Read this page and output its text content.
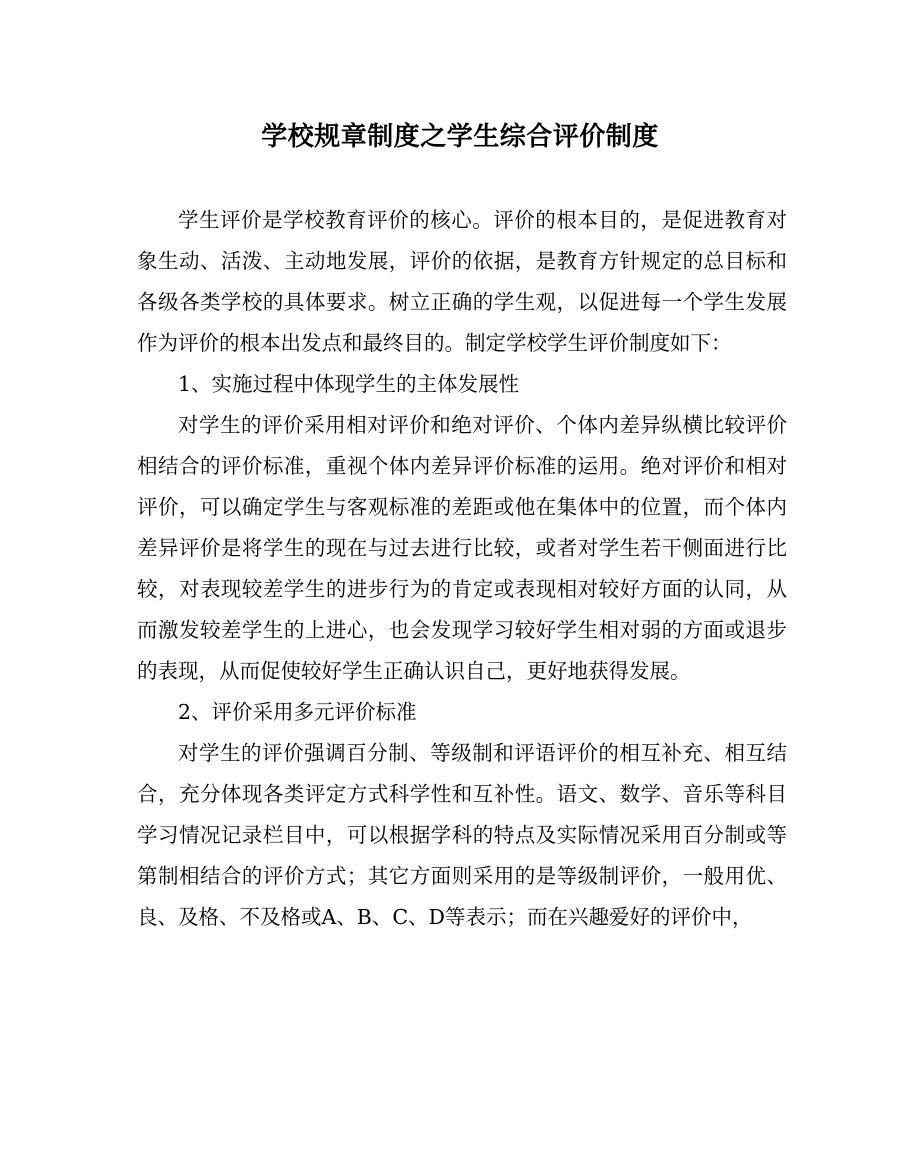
学校规章制度之学生综合评价制度

学生评价是学校教育评价的核心。评价的根本目的，是促进教育对象生动、活泼、主动地发展，评价的依据，是教育方针规定的总目标和各级各类学校的具体要求。树立正确的学生观，以促进每一个学生发展作为评价的根本出发点和最终目的。制定学校学生评价制度如下：

1、实施过程中体现学生的主体发展性

对学生的评价采用相对评价和绝对评价、个体内差异纵横比较评价相结合的评价标准，重视个体内差异评价标准的运用。绝对评价和相对评价，可以确定学生与客观标准的差距或他在集体中的位置，而个体内差异评价是将学生的现在与过去进行比较，或者对学生若干侧面进行比较，对表现较差学生的进步行为的肯定或表现相对较好方面的认同，从而激发较差学生的上进心，也会发现学习较好学生相对弱的方面或退步的表现，从而促使较好学生正确认识自己，更好地获得发展。

2、评价采用多元评价标准

对学生的评价强调百分制、等级制和评语评价的相互补充、相互结合，充分体现各类评定方式科学性和互补性。语文、数学、音乐等科目学习情况记录栏目中，可以根据学科的特点及实际情况采用百分制或等第制相结合的评价方式；其它方面则采用的是等级制评价，一般用优、良、及格、不及格或A、B、C、D等表示；而在兴趣爱好的评价中，
